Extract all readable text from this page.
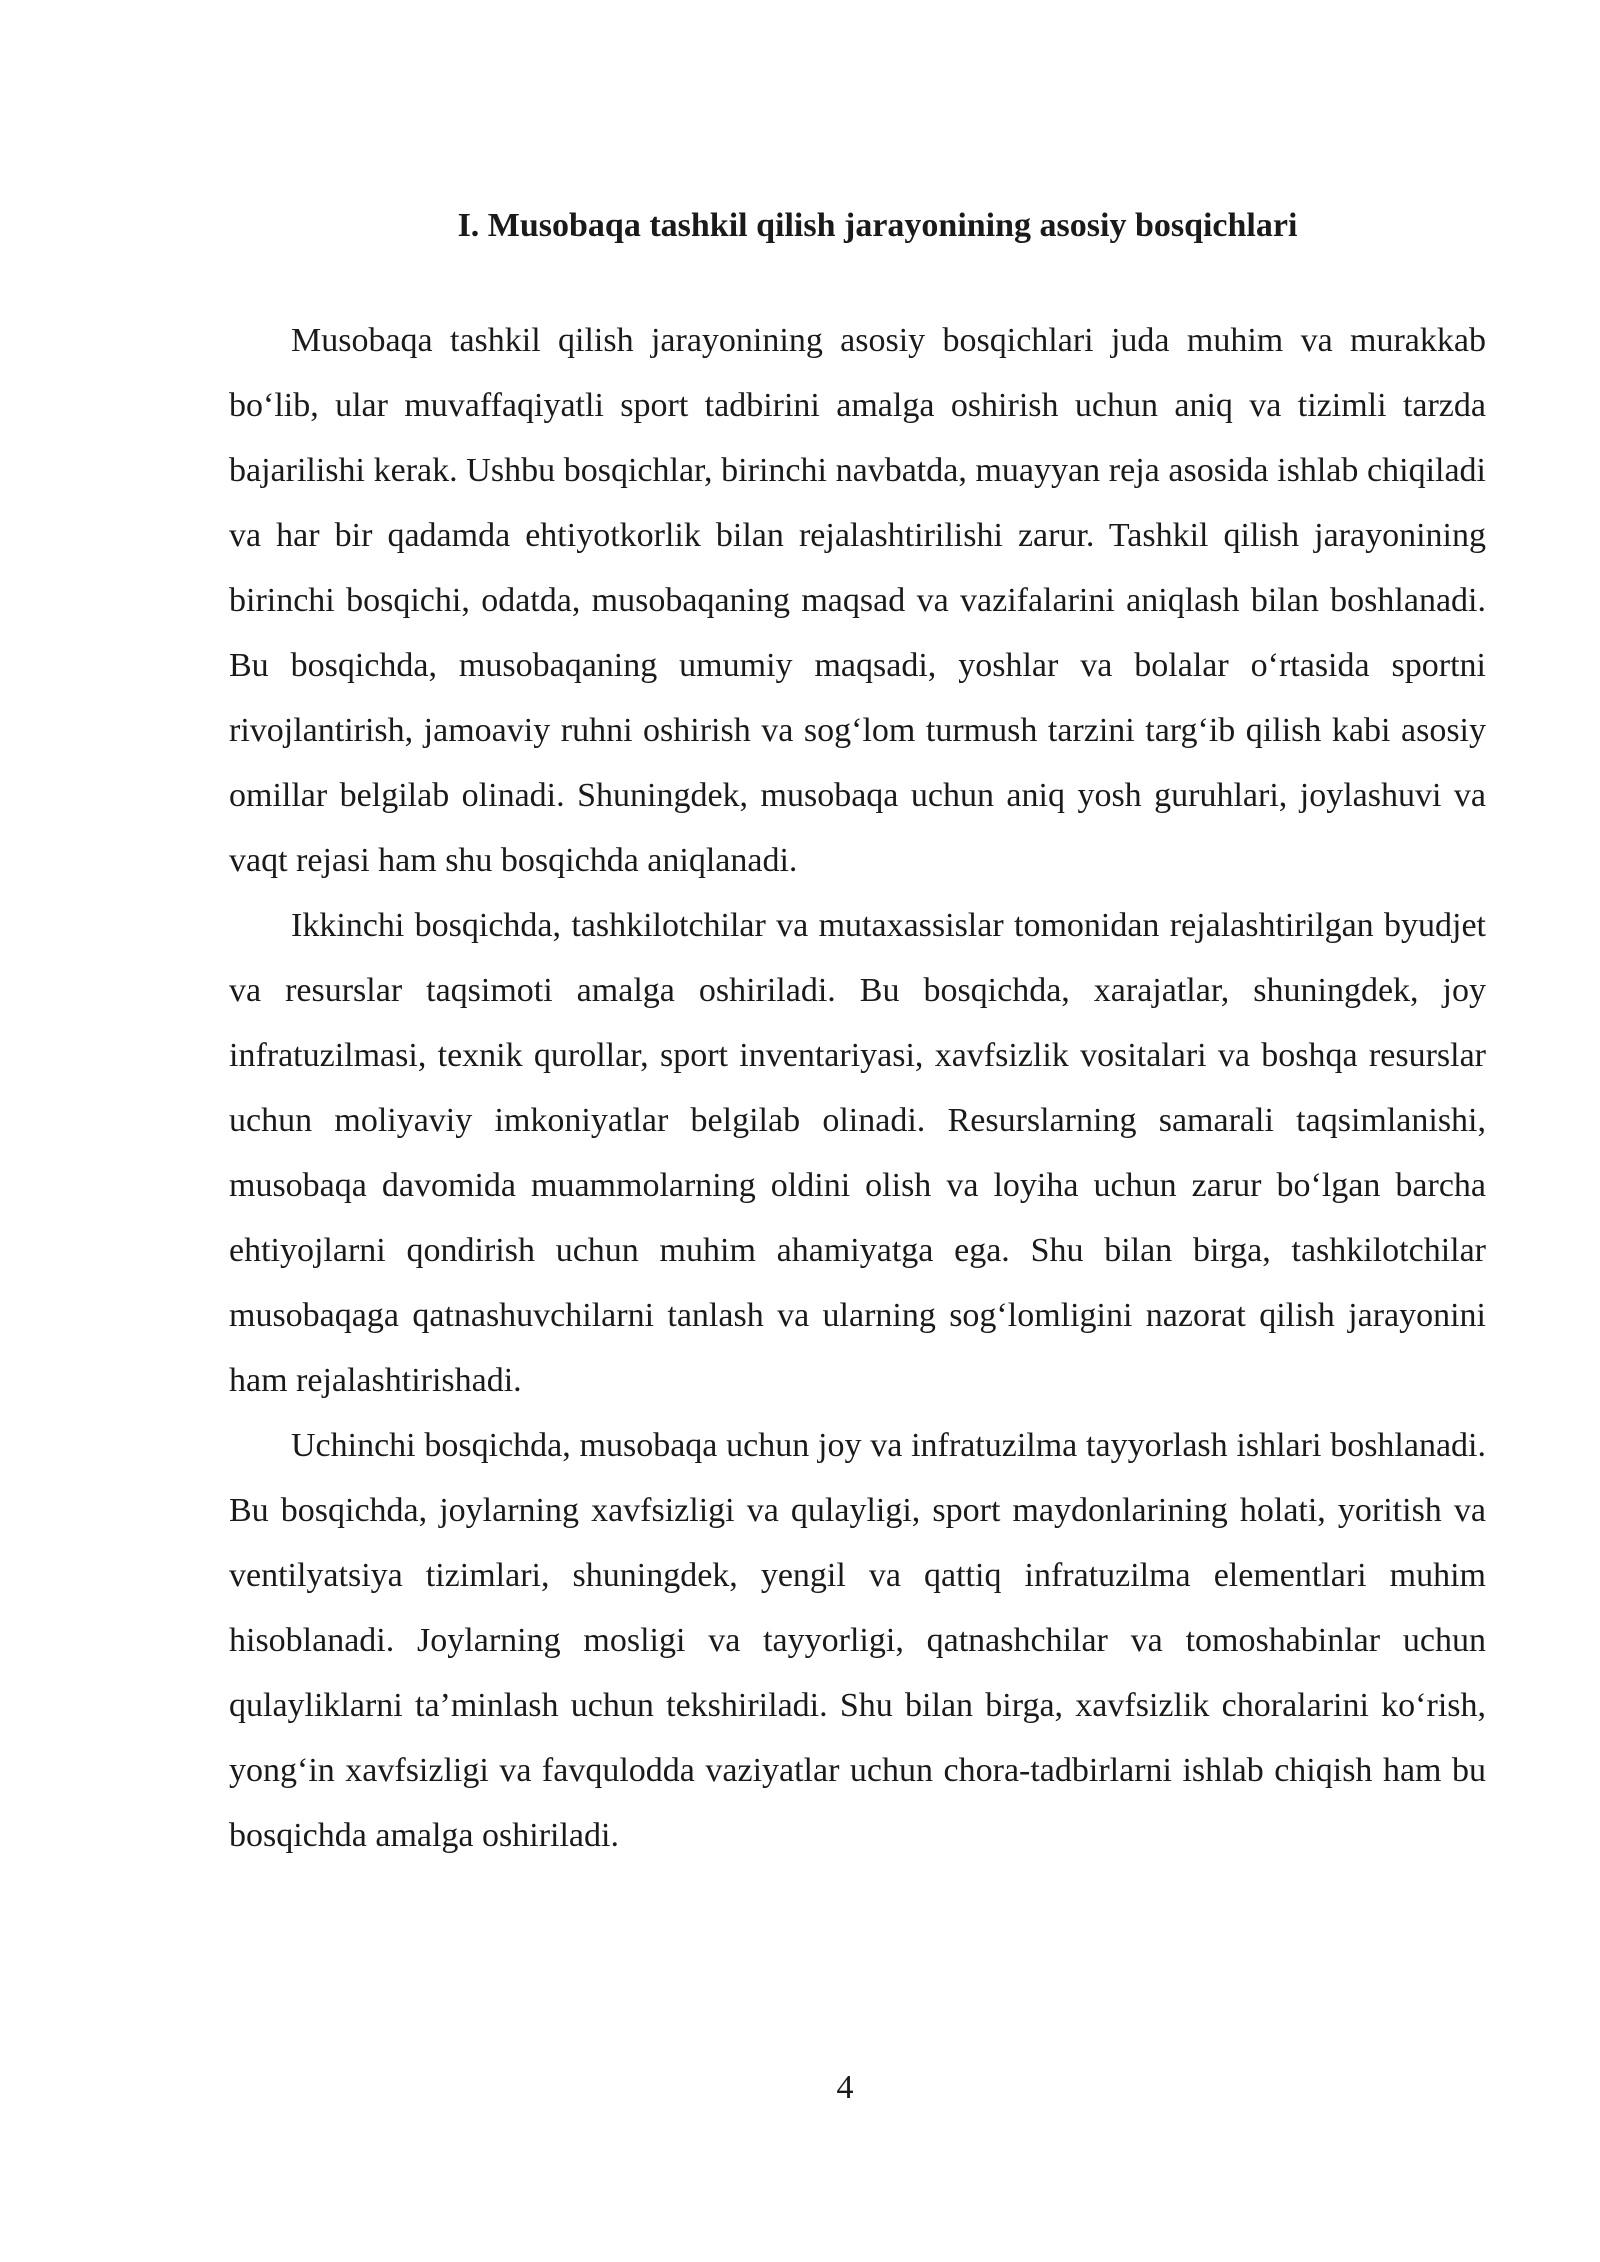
I. Musobaqa tashkil qilish jarayonining asosiy bosqichlari

Musobaqa tashkil qilish jarayonining asosiy bosqichlari juda muhim va murakkab bo‘lib, ular muvaffaqiyatli sport tadbirini amalga oshirish uchun aniq va tizimli tarzda bajarilishi kerak. Ushbu bosqichlar, birinchi navbatda, muayyan reja asosida ishlab chiqiladi va har bir qadamda ehtiyotkorlik bilan rejalashtirilishi zarur. Tashkil qilish jarayonining birinchi bosqichi, odatda, musobaqaning maqsad va vazifalarini aniqlash bilan boshlanadi. Bu bosqichda, musobaqaning umumiy maqsadi, yoshlar va bolalar o‘rtasida sportni rivojlantirish, jamoaviy ruhni oshirish va sog‘lom turmush tarzini targ‘ib qilish kabi asosiy omillar belgilab olinadi. Shuningdek, musobaqa uchun aniq yosh guruhlari, joylashuvi va vaqt rejasi ham shu bosqichda aniqlanadi.

Ikkinchi bosqichda, tashkilotchilar va mutaxassislar tomonidan rejalashtirilgan byudjet va resurslar taqsimoti amalga oshiriladi. Bu bosqichda, xarajatlar, shuningdek, joy infratuzilmasi, texnik qurollar, sport inventariyasi, xavfsizlik vositalari va boshqa resurslar uchun moliyaviy imkoniyatlar belgilab olinadi. Resurslarning samarali taqsimlanishi, musobaqa davomida muammolarning oldini olish va loyiha uchun zarur bo‘lgan barcha ehtiyojlarni qondirish uchun muhim ahamiyatga ega. Shu bilan birga, tashkilotchilar musobaqaga qatnashuvchilarni tanlash va ularning sog‘lomligini nazorat qilish jarayonini ham rejalashtirishadi.

Uchinchi bosqichda, musobaqa uchun joy va infratuzilma tayyorlash ishlari boshlanadi. Bu bosqichda, joylarning xavfsizligi va qulayligi, sport maydonlarining holati, yoritish va ventilyatsiya tizimlari, shuningdek, yengil va qattiq infratuzilma elementlari muhim hisoblanadi. Joylarning mosligi va tayyorligi, qatnashchilar va tomoshabinlar uchun qulayliklarni ta’minlash uchun tekshiriladi. Shu bilan birga, xavfsizlik choralarini ko‘rish, yong‘in xavfsizligi va favqulodda vaziyatlar uchun chora-tadbirlarni ishlab chiqish ham bu bosqichda amalga oshiriladi.

4
